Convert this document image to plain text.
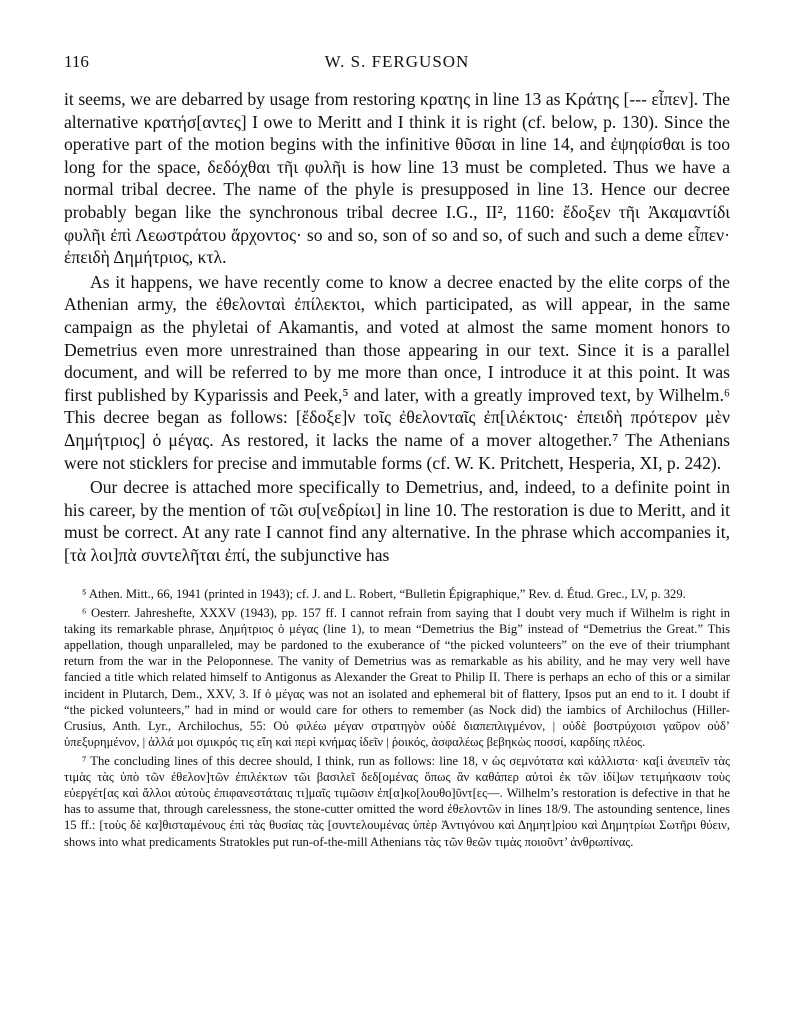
116	W. S. FERGUSON

it seems, we are debarred by usage from restoring κρατης in line 13 as Κράτης [--- εἶπεν]. The alternative κρατήσ[αντες] I owe to Meritt and I think it is right (cf. below, p. 130). Since the operative part of the motion begins with the infinitive θῦσαι in line 14, and ἐψηφίσθαι is too long for the space, δεδόχθαι τῆι φυλῆι is how line 13 must be completed. Thus we have a normal tribal decree. The name of the phyle is presupposed in line 13. Hence our decree probably began like the synchronous tribal decree I.G., II², 1160: ἔδοξεν τῆι Ἀκαμαντίδι φυλῆι ἐπὶ Λεωστράτου ἄρχοντος· so and so, son of so and so, of such and such a deme εἶπεν· ἐπειδὴ Δημήτριος, κτλ.

As it happens, we have recently come to know a decree enacted by the elite corps of the Athenian army, the ἐθελονταὶ ἐπίλεκτοι, which participated, as will appear, in the same campaign as the phyletai of Akamantis, and voted at almost the same moment honors to Demetrius even more unrestrained than those appearing in our text. Since it is a parallel document, and will be referred to by me more than once, I introduce it at this point. It was first published by Kyparissis and Peek,⁵ and later, with a greatly improved text, by Wilhelm.⁶ This decree began as follows: [ἔδοξε]ν τοῖς ἐθελονταῖς ἐπ[ιλέκτοις· ἐπειδὴ πρότερον μὲν Δημήτριος] ὁ μέγας. As restored, it lacks the name of a mover altogether.⁷ The Athenians were not sticklers for precise and immutable forms (cf. W. K. Pritchett, Hesperia, XI, p. 242).

Our decree is attached more specifically to Demetrius, and, indeed, to a definite point in his career, by the mention of τῶι συ[νεδρίωι] in line 10. The restoration is due to Meritt, and it must be correct. At any rate I cannot find any alternative. In the phrase which accompanies it, [τὰ λοι]πὰ συντελῆται ἐπί, the subjunctive has

⁵ Athen. Mitt., 66, 1941 (printed in 1943); cf. J. and L. Robert, “Bulletin Épigraphique,” Rev. d. Étud. Grec., LV, p. 329.

⁶ Oesterr. Jahreshefte, XXXV (1943), pp. 157 ff. I cannot refrain from saying that I doubt very much if Wilhelm is right in taking its remarkable phrase, Δημήτριος ὁ μέγας (line 1), to mean “Demetrius the Big” instead of “Demetrius the Great.” This appellation, though unparalleled, may be pardoned to the exuberance of “the picked volunteers” on the eve of their triumphant return from the war in the Peloponnese. The vanity of Demetrius was as remarkable as his ability, and he may very well have fancied a title which related himself to Antigonus as Alexander the Great to Philip II. There is perhaps an echo of this or a similar incident in Plutarch, Dem., XXV, 3. If ὁ μέγας was not an isolated and ephemeral bit of flattery, Ipsos put an end to it. I doubt if “the picked volunteers,” had in mind or would care for others to remember (as Nock did) the iambics of Archilochus (Hiller-Crusius, Anth. Lyr., Archilochus, 55: Οὐ φιλέω μέγαν στρατηγὸν οὐδὲ διαπεπλιγμένον, | οὐδὲ βοστρύχοισι γαῦρον οὐδ’ ὑπεξυρημένον, | ἀλλά μοι σμικρός τις εἴη καὶ περὶ κνήμας ἰδεῖν | ῥοικός, ἀσφαλέως βεβηκὼς ποσσί, καρδίης πλέος.

⁷ The concluding lines of this decree should, I think, run as follows: line 18, ν ὡς σεμνότατα καὶ κάλλιστα· κα[ὶ ἀνειπεῖν τὰς τιμὰς τὰς ὑπὸ τῶν ἐθελον]τῶν ἐπιλέκτων τῶι βασιλεῖ δεδ[ομένας ὅπως ἂν καθάπερ αὐτοὶ ἐκ τῶν ἰδί]ων τετιμήκασιν τοὺς εὐεργέτ[ας καὶ ἄλλοι αὐτοὺς ἐπιφανεστάταις τι]μαῖς τιμῶσιν ἐπ[α]κο[λουθο]ῦντ[ες—. Wilhelm’s restoration is defective in that he has to assume that, through carelessness, the stone-cutter omitted the word ἐθελοντῶν in lines 18/9. The astounding sentence, lines 15 ff.: [τοὺς δὲ κα]θισταμένους ἐπὶ τὰς θυσίας τὰς [συντελουμένας ὑπὲρ Ἀντιγόνου καὶ Δημητ]ρίου καὶ Δημητρίωι Σωτῆρι θύειν, shows into what predicaments Stratokles put run-of-the-mill Athenians τὰς τῶν θεῶν τιμὰς ποιοῦντ’ ἀνθρωπίνας.
